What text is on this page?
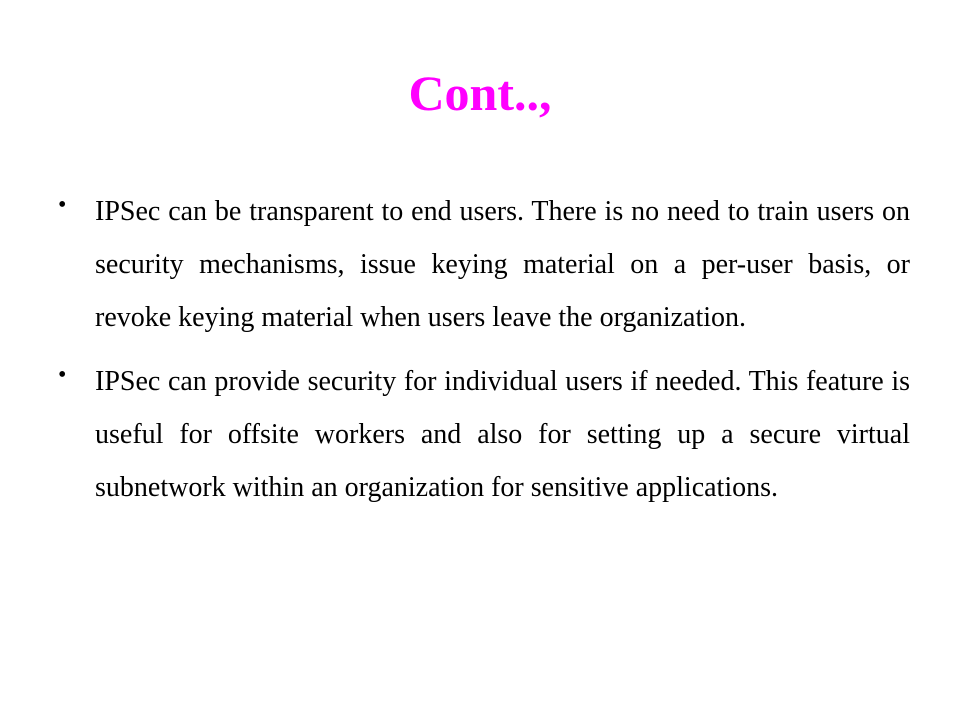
Cont..,
• IPSec can be transparent to end users. There is no need to train users on security mechanisms, issue keying material on a per-user basis, or revoke keying material when users leave the organization.
• IPSec can provide security for individual users if needed. This feature is useful for offsite workers and also for setting up a secure virtual subnetwork within an organization for sensitive applications.
